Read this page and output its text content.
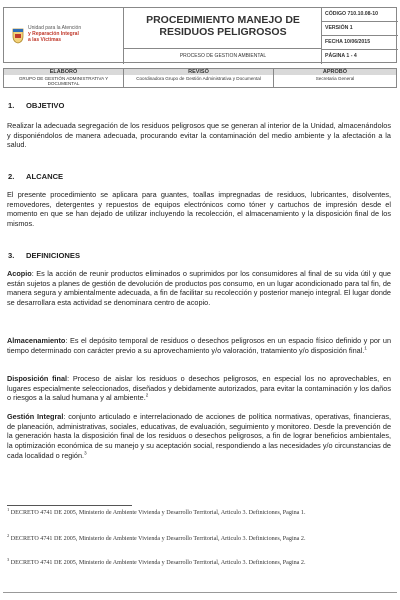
Unidad para la Atención
y Reparación Integral
a las Víctimas
PROCEDIMIENTO MANEJO DE RESIDUOS PELIGROSOS
PROCESO DE GESTION AMBIENTAL
CÓDIGO 710.10.08-10
VERSIÓN 1
FECHA 10/06/2015
PÁGINA 1 - 4
ELABORÓ
GRUPO DE GESTIÓN ADMINISTRATIVA Y DOCUMENTAL
REVISÓ
Coordinadora Grupo de Gestión Administrativa y Documental
APROBÓ
Secretaria General
1. OBJETIVO
Realizar la adecuada segregación de los residuos peligrosos que se generan al interior de la Unidad, almacenándolos y disponiéndolos de manera adecuada, procurando evitar la contaminación del medio ambiente y la afectación a la salud.
2. ALCANCE
El presente procedimiento se aplicara para guantes, toallas impregnadas de residuos, lubricantes, disolventes, removedores, detergentes y repuestos de equipos electrónicos como tóner y cartuchos de impresión desde el momento en que se han dejado de utilizar incluyendo la recolección, el almacenamiento y la disposición final de los mismos.
3. DEFINICIONES
Acopio: Es la acción de reunir productos eliminados o suprimidos por los consumidores al final de su vida útil y que están sujetos a planes de gestión de devolución de productos pos consumo, en un lugar acondicionado para tal fin, de manera segura y ambientalmente adecuada, a fin de facilitar su recolección y posterior manejo integral. El lugar donde se desarrollara esta actividad se denominara centro de acopio.
Almacenamiento: Es el depósito temporal de residuos o desechos peligrosos en un espacio físico definido y por un tiempo determinado con carácter previo a su aprovechamiento y/o valoración, tratamiento y/o disposición final.$^1$
Disposición final: Proceso de aislar los residuos o desechos peligrosos, en especial los no aprovechables, en lugares especialmente seleccionados, diseñados y debidamente autorizados, para evitar la contaminación y los daños o riesgos a la salud humana y al ambiente.$^2$
Gestión Integral: conjunto articulado e interrelacionado de acciones de política normativas, operativas, financieras, de planeación, administrativas, sociales, educativas, de evaluación, seguimiento y monitoreo. Desde la prevención de la generación hasta la disposición final de los residuos o desechos peligrosos, a fin de lograr beneficios ambientales, la optimización económica de su manejo y su aceptación social, respondiendo a las necesidades y/o circunstancias de cada localidad o región.$^3$
$^1$ DECRETO 4741 DE 2005, Ministerio de Ambiente Vivienda y Desarrollo Territorial, Articulo 3. Definiciones, Pagina 1.
$^2$ DECRETO 4741 DE 2005, Ministerio de Ambiente Vivienda y Desarrollo Territorial, Articulo 3. Definiciones, Pagina 2.
$^3$ DECRETO 4741 DE 2005, Ministerio de Ambiente Vivienda y Desarrollo Territorial, Articulo 3. Definiciones, Pagina 2.
